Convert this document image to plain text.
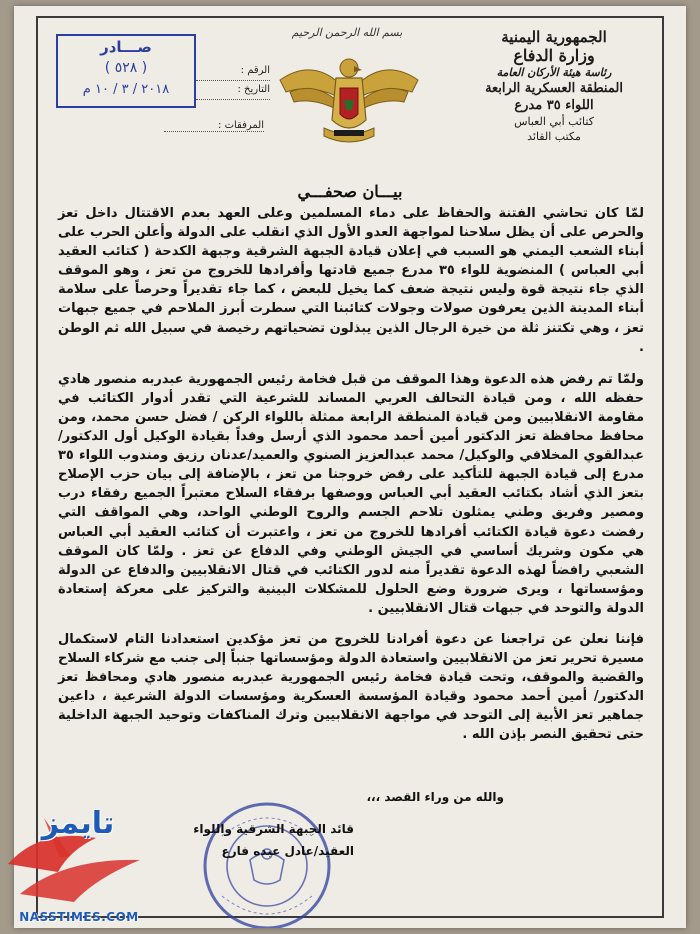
الجمهورية اليمنية
وزارة الدفاع
رئاسة هيئة الأركان العامة
المنطقة العسكرية الرابعة
اللواء ٣٥ مدرع
كتائب أبي العباس
مكتب القائد
بسم الله الرحمن الرحيم
صـــادر
( ٥٢٨ )
٢٠١٨ / ٣ / ١٠ م
الرقم :
التاريخ :
المرفقات :
بيـــان صحفـــي

لمّا كان تحاشي الفتنة والحفاظ على دماء المسلمين وعلى العهد بعدم الاقتتال داخل تعز والحرص على أن يظل سلاحنا لمواجهة العدو الأول الذي انقلب على الدولة وأعلن الحرب على أبناء الشعب اليمني هو السبب في إعلان قيادة الجبهة الشرقية وجبهة الكدحة ( كتائب العقيد أبي العباس ) المنضوية للواء ٣٥ مدرع جميع قادتها وأفرادها للخروج من تعز ، وهو الموقف الذي جاء نتيجة قوة وليس نتيجة ضعف كما يخيل للبعض ، كما جاء تقديراً وحرصاً على سلامة أبناء المدينة الذين يعرفون صولات وجولات كتائبنا التي سطرت أبرز الملاحم في جميع جبهات تعز ، وهي تكتنز ثلة من خيرة الرجال الذين يبذلون تضحياتهم رخيصة في سبيل الله ثم الوطن .

ولمّا تم رفض هذه الدعوة وهذا الموقف من قبل فخامة رئيس الجمهورية عبدربه منصور هادي حفظه الله ، ومن قيادة التحالف العربي المساند للشرعية التي تقدر أدوار الكتائب في مقاومة الانقلابيين ومن قيادة المنطقة الرابعة ممثلة باللواء الركن / فضل حسن محمد، ومن محافظ محافظة تعز الدكتور أمين أحمد محمود الذي أرسل وفداً بقيادة الوكيل أول الدكتور/عبدالقوي المخلافي والوكيل/ محمد عبدالعزيز الصنوي والعميد/عدنان رزيق ومندوب اللواء ٣٥ مدرع إلى قيادة الجبهة للتأكيد على رفض خروجنا من تعز ، بالإضافة إلى بيان حزب الإصلاح بتعز الذي أشاد بكتائب العقيد أبي العباس ووصفها برفقاء السلاح معتبراً الجميع رفقاء درب ومصير وفريق وطني يمثلون تلاحم الجسم والروح الوطني الواحد، وهي المواقف التي رفضت دعوة قيادة الكتائب أفرادها للخروج من تعز ، واعتبرت أن كتائب العقيد أبي العباس هي مكون وشريك أساسي في الجيش الوطني وفي الدفاع عن تعز . ولمّا كان الموقف الشعبي رافضاً لهذه الدعوة تقديراً منه لدور الكتائب في قتال الانقلابيين والدفاع عن الدولة ومؤسساتها ، ويرى ضرورة وضع الحلول للمشكلات البينية والتركيز على معركة إستعادة الدولة والتوحد في جبهات قتال الانقلابيين .

فإننا نعلن عن تراجعنا عن دعوة أفرادنا للخروج من تعز مؤكدين استعدادنا التام لاستكمال مسيرة تحرير تعز من الانقلابيين واستعادة الدولة ومؤسساتها جنباً إلى جنب مع شركاء السلاح والقضية والموقف، وتحت قيادة فخامة رئيس الجمهورية عبدربه منصور هادي ومحافظ تعز الدكتور/ أمين أحمد محمود وقيادة المؤسسة العسكرية ومؤسسات الدولة الشرعية ، داعين جماهير تعز الأبية إلى التوحد في مواجهة الانقلابيين وترك المناكفات وتوحيد الجبهة الداخلية حتى تحقيق النصر بإذن الله .

والله من وراء القصد ،،،
قائد الجبهة الشرقية واللواء
العقيد/عادل عبده فارع
تايمز
NASSTIMES.COM
